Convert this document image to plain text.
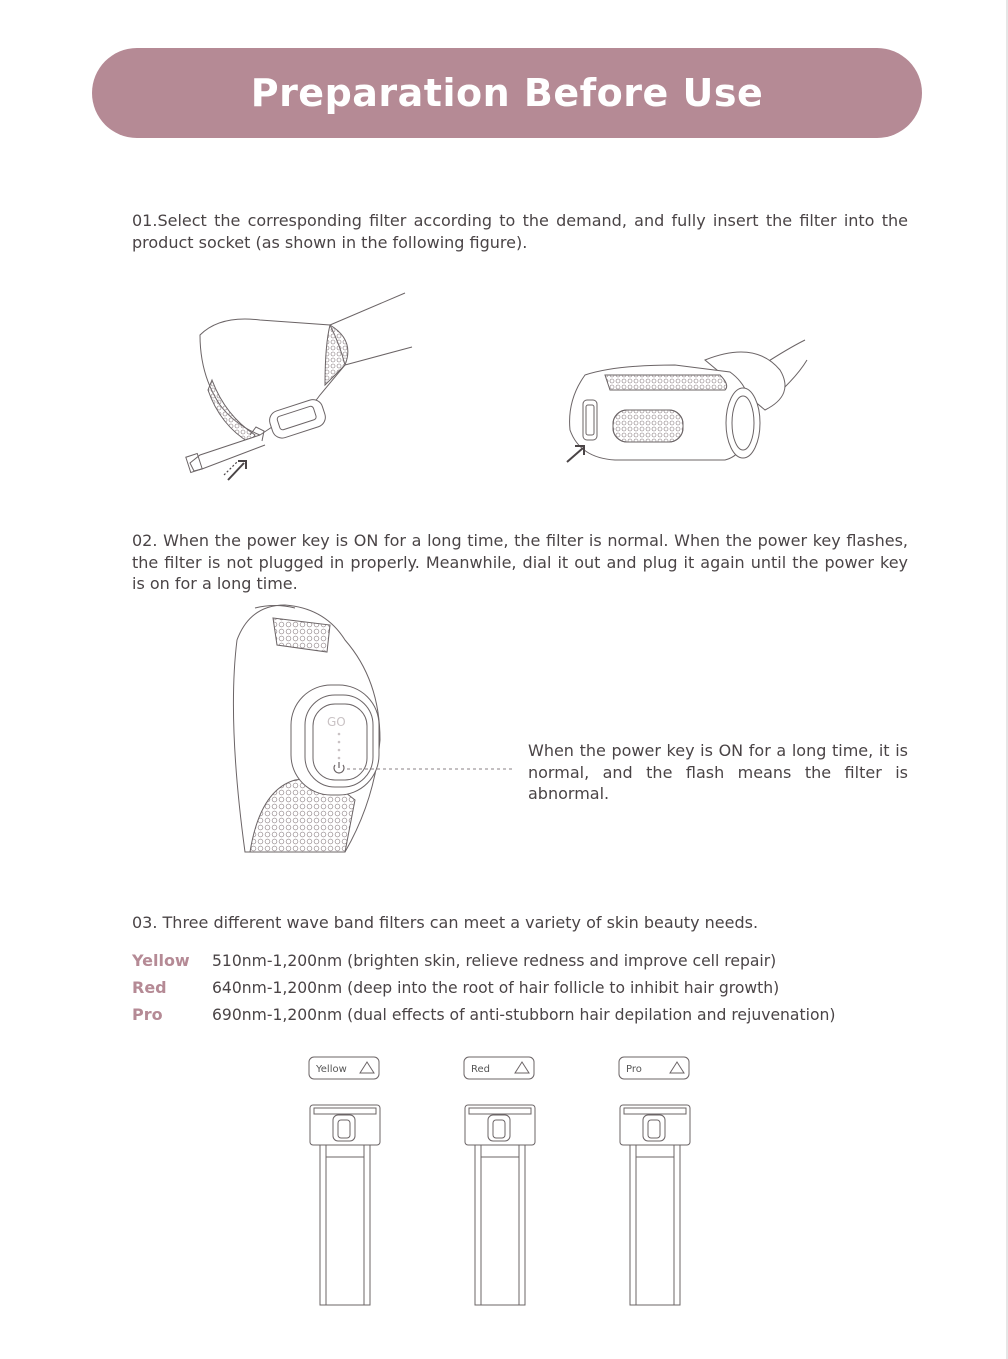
Preparation Before Use

01.Select the corresponding filter according to the demand, and fully insert the filter into the product socket (as shown in the following figure).

02. When the power key is ON for a long time, the filter is normal. When the power key flashes, the filter is not plugged in properly. Meanwhile, dial it out and plug it again until the power key is on for a long time.

GO

When the power key is ON for a long time, it is normal, and the flash means the filter is abnormal.

03. Three different wave band filters can meet a variety of skin beauty needs.

Yellow	510nm-1,200nm (brighten skin, relieve redness and improve cell repair)
Red	640nm-1,200nm (deep into the root of hair follicle to inhibit hair growth)
Pro	690nm-1,200nm (dual effects of anti-stubborn hair depilation and rejuvenation)
Yellow	Red	Pro
